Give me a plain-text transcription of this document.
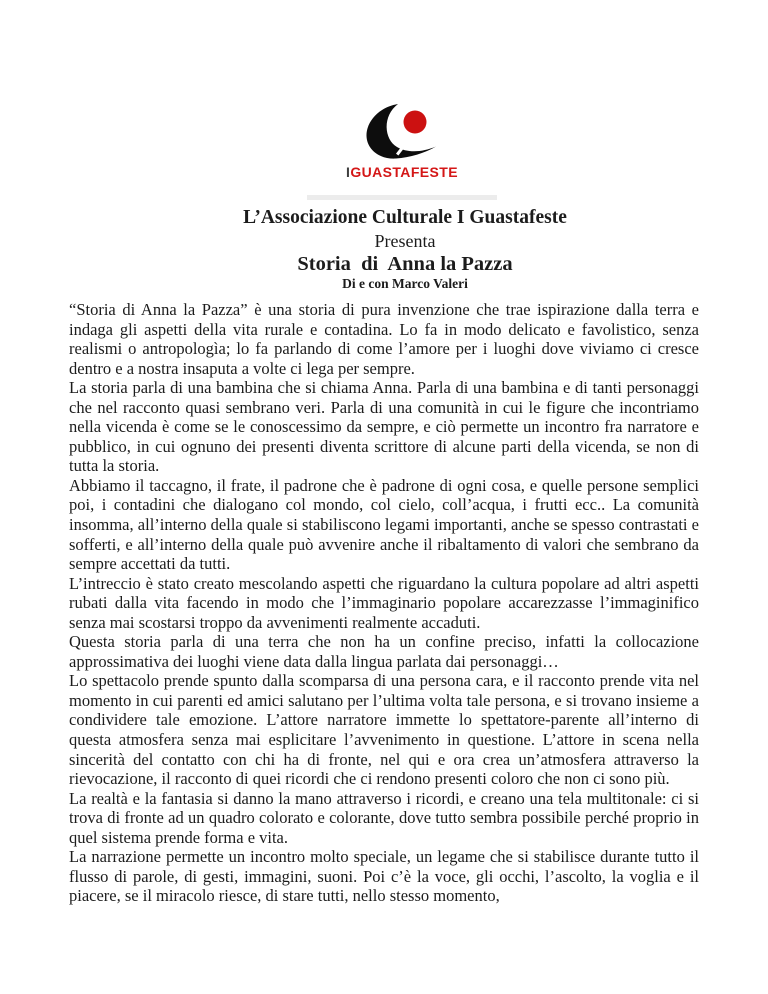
IGUASTAFESTE
L’Associazione Culturale I Guastafeste
Presenta
Storia  di  Anna la Pazza
Di e con Marco Valeri

“Storia di Anna la Pazza” è una storia di pura invenzione che trae ispirazione dalla terra e indaga gli aspetti della vita rurale e contadina. Lo fa in modo delicato e favolistico, senza realismi o antropologìa; lo fa parlando di come l’amore per i luoghi dove viviamo ci cresce dentro e a nostra insaputa a volte ci lega per sempre.

La storia parla di una bambina che si chiama Anna. Parla di una bambina e di tanti personaggi che nel racconto quasi sembrano veri. Parla di una comunità in cui le figure che incontriamo nella vicenda è come se le conoscessimo da sempre, e ciò permette un incontro fra narratore e pubblico, in cui ognuno dei presenti diventa scrittore di alcune parti della vicenda, se non di tutta la storia.

Abbiamo il taccagno, il frate, il padrone che è padrone di ogni cosa, e quelle persone semplici poi, i contadini che dialogano col mondo, col cielo, coll’acqua, i frutti ecc.. La comunità insomma, all’interno della quale si stabiliscono legami importanti, anche se spesso contrastati e sofferti, e all’interno della quale può avvenire anche il ribaltamento di valori che sembrano da sempre accettati da tutti.

L’intreccio è stato creato mescolando aspetti che riguardano la cultura popolare ad altri aspetti rubati dalla vita facendo in modo che l’immaginario popolare accarezzasse l’immaginifico senza mai scostarsi troppo da avvenimenti realmente accaduti.

Questa storia parla di una terra che non ha un confine preciso, infatti la collocazione approssimativa dei luoghi viene data dalla lingua parlata dai personaggi…

Lo spettacolo prende spunto dalla scomparsa di una persona cara, e il racconto prende vita nel momento in cui parenti ed amici salutano per l’ultima volta tale persona, e si trovano insieme a condividere tale emozione. L’attore narratore immette lo spettatore-parente all’interno di questa atmosfera senza mai esplicitare l’avvenimento in questione. L’attore in scena nella sincerità del contatto con chi ha di fronte, nel qui e ora crea un’atmosfera attraverso la rievocazione, il racconto di quei ricordi che ci rendono presenti coloro che non ci sono più.

La realtà e la fantasia si danno la mano attraverso i ricordi, e creano una tela multitonale: ci si trova di fronte ad un quadro colorato e colorante, dove tutto sembra possibile perché proprio in quel sistema prende forma e vita.

La narrazione permette un incontro molto speciale, un legame che si stabilisce durante tutto il flusso di parole, di gesti, immagini, suoni. Poi c’è la voce, gli occhi, l’ascolto, la voglia e il piacere, se il miracolo riesce, di stare tutti, nello stesso momento,
